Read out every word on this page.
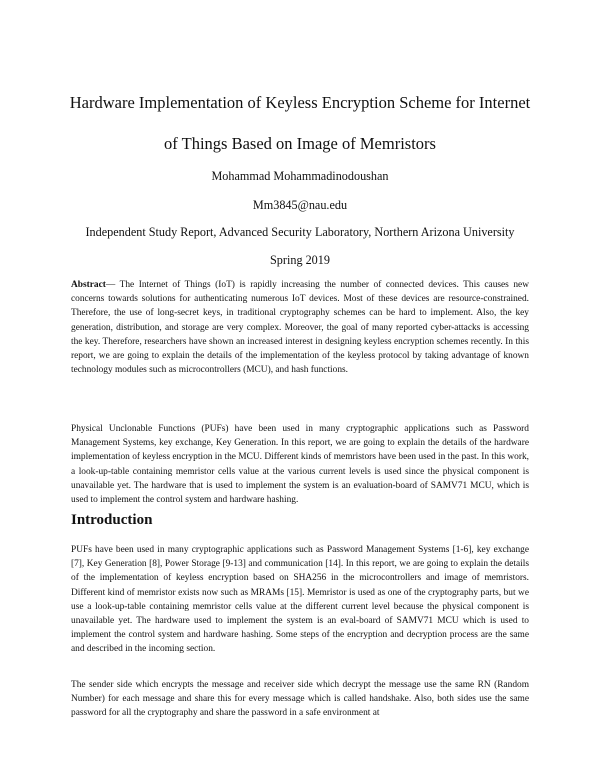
Hardware Implementation of Keyless Encryption Scheme for Internet
of Things Based on Image of Memristors

Mohammad Mohammadinodoushan

Mm3845@nau.edu

Independent Study Report, Advanced Security Laboratory, Northern Arizona University

Spring 2019

Abstract— The Internet of Things (IoT) is rapidly increasing the number of connected devices. This causes new concerns towards solutions for authenticating numerous IoT devices. Most of these devices are resource-constrained. Therefore, the use of long-secret keys, in traditional cryptography schemes can be hard to implement. Also, the key generation, distribution, and storage are very complex. Moreover, the goal of many reported cyber-attacks is accessing the key. Therefore, researchers have shown an increased interest in designing keyless encryption schemes recently. In this report, we are going to explain the details of the implementation of the keyless protocol by taking advantage of known technology modules such as microcontrollers (MCU), and hash functions.

Physical Unclonable Functions (PUFs) have been used in many cryptographic applications such as Password Management Systems, key exchange, Key Generation. In this report, we are going to explain the details of the hardware implementation of keyless encryption in the MCU. Different kinds of memristors have been used in the past. In this work, a look-up-table containing memristor cells value at the various current levels is used since the physical component is unavailable yet. The hardware that is used to implement the system is an evaluation-board of SAMV71 MCU, which is used to implement the control system and hardware hashing.

Introduction

PUFs have been used in many cryptographic applications such as Password Management Systems [1-6], key exchange [7], Key Generation [8], Power Storage [9-13] and communication [14]. In this report, we are going to explain the details of the implementation of keyless encryption based on SHA256 in the microcontrollers and image of memristors. Different kind of memristor exists now such as MRAMs [15]. Memristor is used as one of the cryptography parts, but we use a look-up-table containing memristor cells value at the different current level because the physical component is unavailable yet. The hardware used to implement the system is an eval-board of SAMV71 MCU which is used to implement the control system and hardware hashing. Some steps of the encryption and decryption process are the same and described in the incoming section.

The sender side which encrypts the message and receiver side which decrypt the message use the same RN (Random Number) for each message and share this for every message which is called handshake. Also, both sides use the same password for all the cryptography and share the password in a safe environment at
